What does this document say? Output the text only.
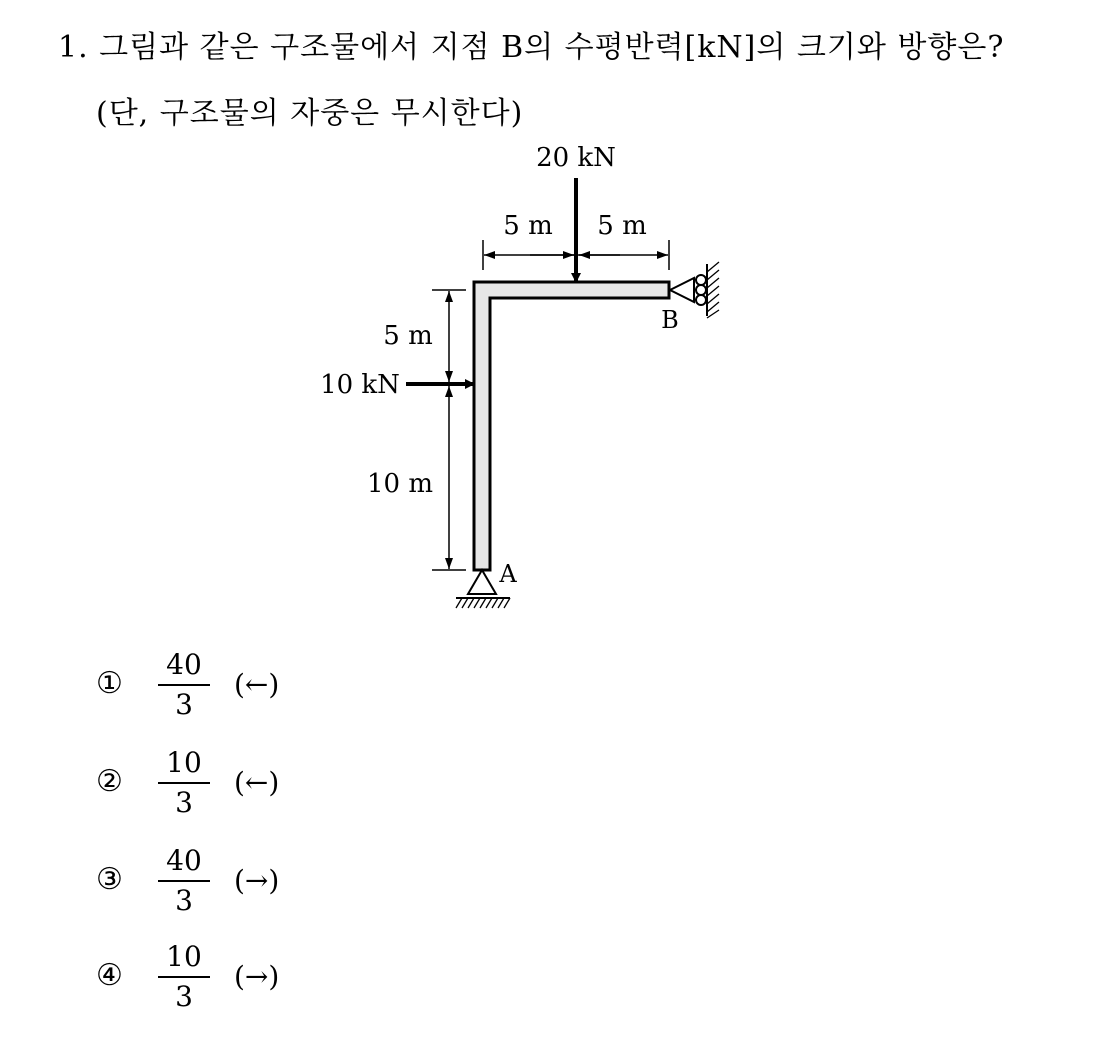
1. 그림과 같은 구조물에서 지점 B의 수평반력[kN]의 크기와 방향은?
(단, 구조물의 자중은 무시한다)
20 kN
5 m 5 m
5 m
10 m
10 kN
A
B
①
40
3
(←)
②
10
3
(←)
③
40
3
(→)
④
10
3
(→)
